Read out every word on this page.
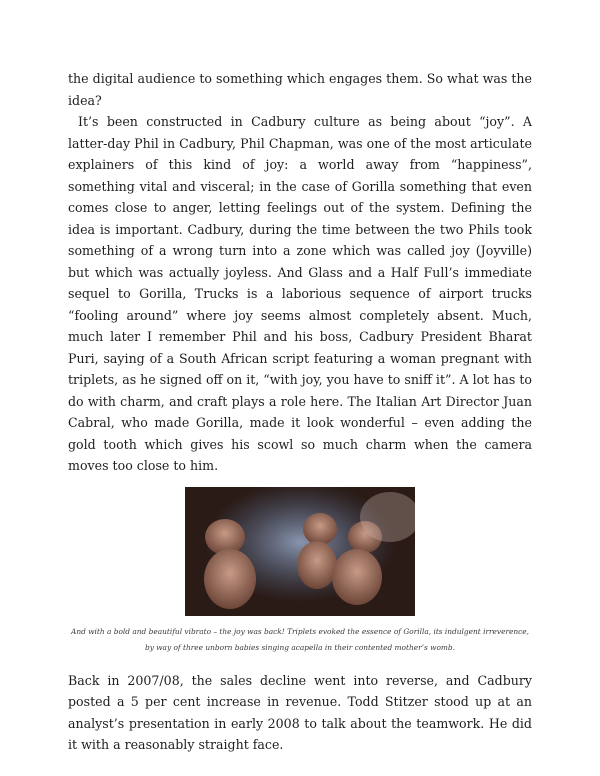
the digital audience to something which engages them. So what was the idea?

It’s been constructed in Cadbury culture as being about “joy”. A latter-day Phil in Cadbury, Phil Chapman, was one of the most articulate explainers of this kind of joy: a world away from “happiness”, something vital and visceral; in the case of Gorilla something that even comes close to anger, letting feelings out of the system. Defining the idea is important. Cadbury, during the time between the two Phils took something of a wrong turn into a zone which was called joy (Joyville) but which was actually joyless. And Glass and a Half Full’s immediate sequel to Gorilla, Trucks is a laborious sequence of airport trucks “fooling around” where joy seems almost completely absent. Much, much later I remember Phil and his boss, Cadbury President Bharat Puri, saying of a South African script featuring a woman pregnant with triplets, as he signed off on it, “with joy, you have to sniff it”. A lot has to do with charm, and craft plays a role here. The Italian Art Director Juan Cabral, who made Gorilla, made it look wonderful – even adding the gold tooth which gives his scowl so much charm when the camera moves too close to him.

And with a bold and beautiful vibrato – the joy was back! Triplets evoked the essence of Gorilla, its indulgent irreverence, by way of three unborn babies singing acapella in their contented mother’s womb.

Back in 2007/08, the sales decline went into reverse, and Cadbury posted a 5 per cent increase in revenue. Todd Stitzer stood up at an analyst’s presentation in early 2008 to talk about the teamwork. He did it with a reasonably straight face.
